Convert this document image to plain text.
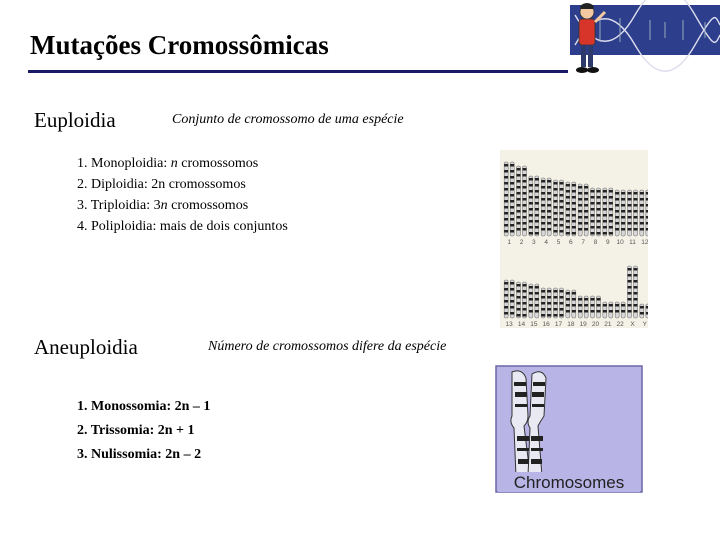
Mutações Cromossômicas
Euploidia	Conjunto de cromossomo de uma espécie
1. Monoploidia: n cromossomos
2. Diploidia: 2n cromossomos
3. Triploidia: 3n cromossomos
4. Poliploidia: mais de dois conjuntos
1 2 3 4 5 6 7 8 9 10 11 12
13 14 15 16 17 18 19 20 21 22 X Y
Aneuploidia	Número de cromossomos difere da espécie
1. Monossomia: 2n – 1
2. Trissomia: 2n + 1
3. Nulissomia: 2n – 2
Chromosomes
